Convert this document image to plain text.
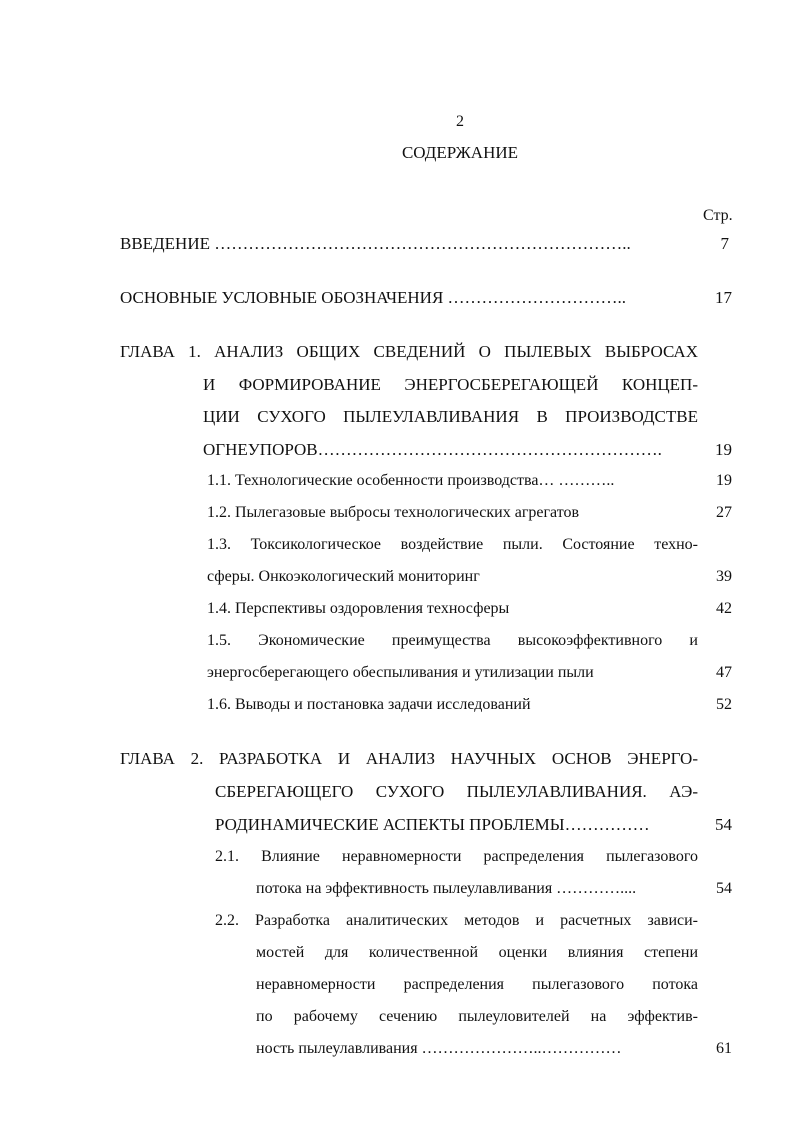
2
СОДЕРЖАНИЕ
Стр.
ВВЕДЕНИЕ ………………………………………………………………..	7
ОСНОВНЫЕ УСЛОВНЫЕ ОБОЗНАЧЕНИЯ …………………………..	17
ГЛАВА 1. АНАЛИЗ ОБЩИХ СВЕДЕНИЙ О ПЫЛЕВЫХ ВЫБРОСАХ
И ФОРМИРОВАНИЕ ЭНЕРГОСБЕРЕГАЮЩЕЙ КОНЦЕП-
ЦИИ СУХОГО ПЫЛЕУЛАВЛИВАНИЯ В ПРОИЗВОДСТВЕ
ОГНЕУПОРОВ…………………………………………………….	19
1.1. Технологические особенности производства… ………..	19
1.2. Пылегазовые выбросы технологических агрегатов	27
1.3. Токсикологическое воздействие пыли. Состояние техно-
сферы. Онкоэкологический мониторинг	39
1.4. Перспективы оздоровления техносферы	42
1.5. Экономические преимущества высокоэффективного и
энергосберегающего обеспыливания и утилизации пыли	47
1.6. Выводы и постановка задачи исследований	52
ГЛАВА 2. РАЗРАБОТКА И АНАЛИЗ НАУЧНЫХ ОСНОВ ЭНЕРГО-
СБЕРЕГАЮЩЕГО СУХОГО ПЫЛЕУЛАВЛИВАНИЯ. АЭ-
РОДИНАМИЧЕСКИЕ АСПЕКТЫ ПРОБЛЕМЫ……………	54
2.1. Влияние неравномерности распределения пылегазового
потока на эффективность пылеулавливания …………....	54
2.2. Разработка аналитических методов и расчетных зависи-
мостей для количественной оценки влияния степени
неравномерности распределения пылегазового потока
по рабочему сечению пылеуловителей на эффектив-
ность пылеулавливания …………………..……………	61
